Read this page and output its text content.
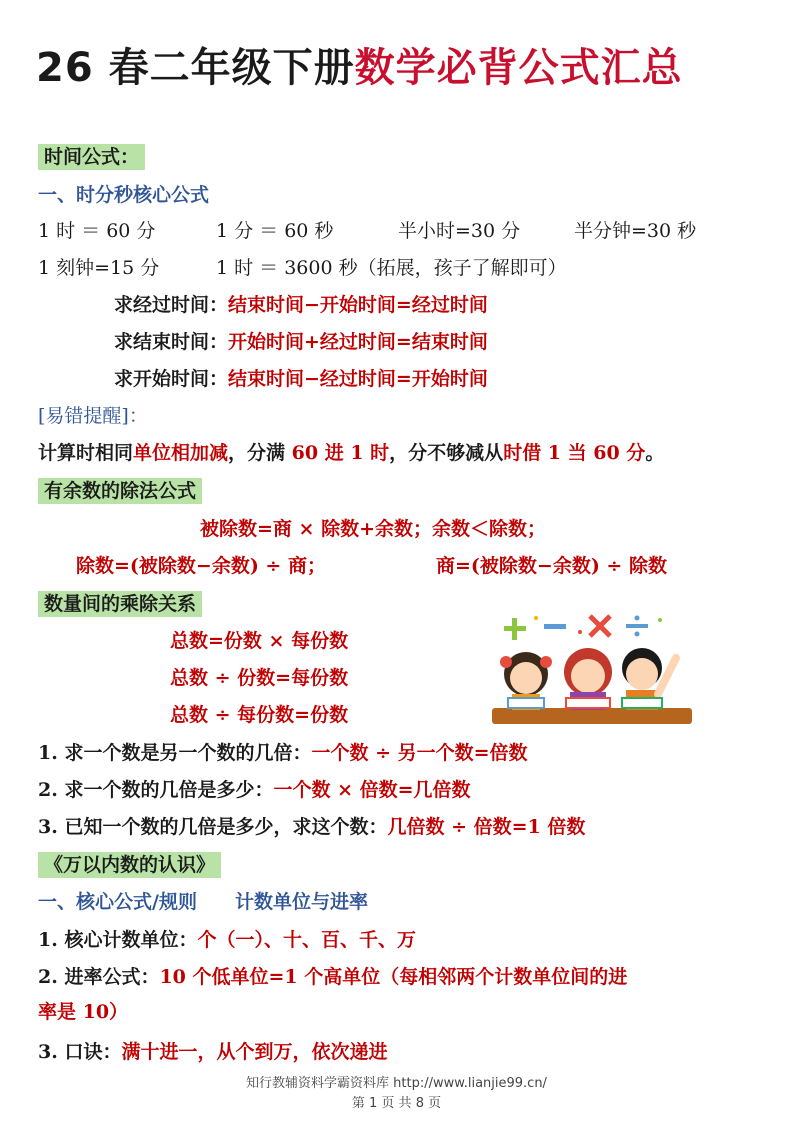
26 春二年级下册数学必背公式汇总
时间公式：
一、时分秒核心公式
1 时 ＝ 60 分	1 分 ＝ 60 秒	半小时=30 分	半分钟=30 秒
1 刻钟=15 分	1 时 ＝ 3600 秒（拓展，孩子了解即可）
求经过时间：结束时间−开始时间=经过时间
求结束时间：开始时间+经过时间=结束时间
求开始时间：结束时间−经过时间=开始时间
[易错提醒]：
计算时相同单位相加减，分满 60 进 1 时，分不够减从时借 1 当 60 分。
有余数的除法公式
被除数=商 × 除数+余数；余数＜除数；
除数=(被除数−余数) ÷ 商；	商=(被除数−余数) ÷ 除数
数量间的乘除关系
总数=份数 × 每份数
总数 ÷ 份数=每份数
总数 ÷ 每份数=份数
1. 求一个数是另一个数的几倍：一个数 ÷ 另一个数=倍数
2. 求一个数的几倍是多少：一个数 × 倍数=几倍数
3. 已知一个数的几倍是多少，求这个数：几倍数 ÷ 倍数=1 倍数
《万以内数的认识》
一、核心公式/规则 计数单位与进率
1. 核心计数单位：个（一）、十、百、千、万
2. 进率公式：10 个低单位=1 个高单位（每相邻两个计数单位间的进
率是 10）
3. 口诀：满十进一，从个到万，依次递进
知行教辅资料学霸资料库 http://www.lianjie99.cn/
第 1 页 共 8 页
